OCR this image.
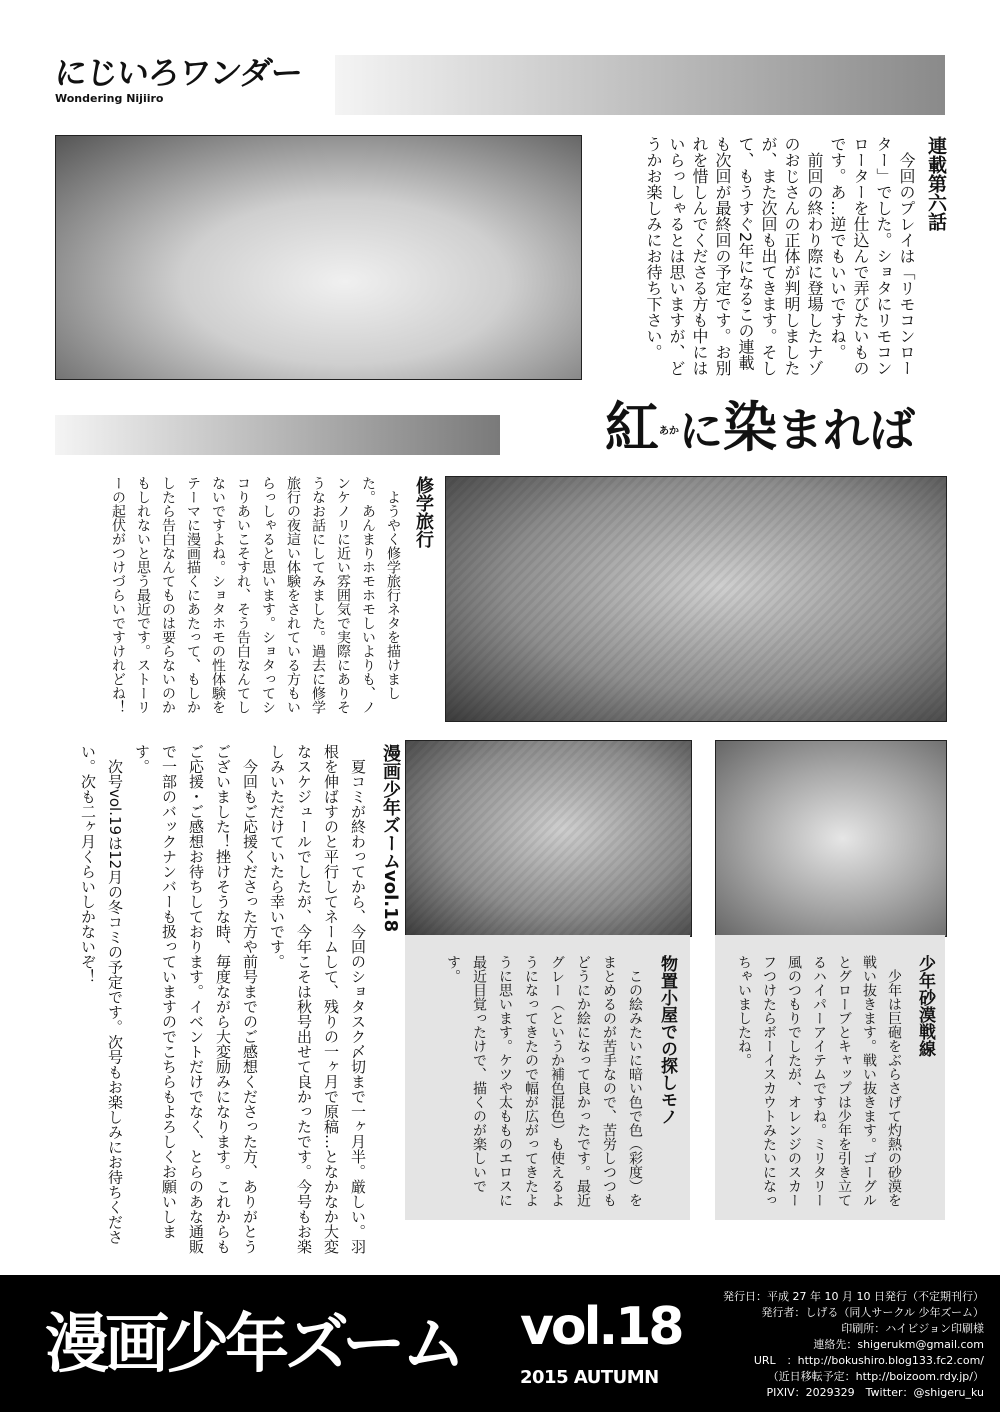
にじいろワンダー
Wondering Nijiiro
連載第六話

今回のプレイは「リモコンローター」でした。ショタにリモコンローターを仕込んで弄びたいものです。あ…逆でもいいですね。

前回の終わり際に登場したナゾのおじさんの正体が判明しましたが、また次回も出てきます。そして、もうすぐ2年になるこの連載も次回が最終回の予定です。お別れを惜しんでくださる方も中にはいらっしゃるとは思いますが、どうかお楽しみにお待ち下さい。

紅あかに染まれば
修学旅行

ようやく修学旅行ネタを描けました。あんまりホモホモしいよりも、ノンケノリに近い雰囲気で実際にありそうなお話にしてみました。過去に修学旅行の夜這い体験をされている方もいらっしゃると思います。ショタってシコりあいこそすれ、そう告白なんてしないですよね。ショタホモの性体験をテーマに漫画描くにあたって、もしかしたら告白なんてものは要らないのかもしれないと思う最近です。ストーリーの起伏がつけづらいですけれどね！

漫画少年ズームvol.18

夏コミが終わってから、今回のショタスク〆切まで一ヶ月半。厳しい。羽根を伸ばすのと平行してネームして、残りの一ヶ月で原稿…となかなか大変なスケジュールでしたが、今年こそは秋号出せて良かったです。今号もお楽しみいただけていたら幸いです。

今回もご応援くださった方や前号までのご感想くださった方、ありがとうございました！挫けそうな時、毎度ながら大変励みになります。これからもご応援・ご感想お待ちしております。イベントだけでなく、とらのあな通販で一部のバックナンバーも扱っていますのでこちらもよろしくお願いします。

次号vol.19は12月の冬コミの予定です。次号もお楽しみにお待ちください。次も二ヶ月くらいしかないぞ！

物置小屋での探しモノ

この絵みたいに暗い色で色（彩度）をまとめるのが苦手なので、苦労しつつもどうにか絵になって良かったです。最近グレー（というか補色混色）も使えるようになってきたので幅が広がってきたように思います。ケツや太もものエロスに最近目覚ったけで、描くのが楽しいです。	少年砂漠戦線

少年は巨砲をぶらさげて灼熱の砂漠を戦い抜きます。戦い抜きます。ゴーグルとグローブとキャップは少年を引き立てるハイパーアイテムですね。ミリタリー風のつもりでしたが、オレンジのスカーフつけたらボーイスカウトみたいになっちゃいましたね。

漫画少年ズーム vol.18
2015 AUTUMN
発行日：平成 27 年 10 月 10 日発行（不定期刊行）
発行者：しげる（同人サークル 少年ズーム）
印刷所：ハイビジョン印刷様
連絡先：shigerukm@gmail.com
URL　：http://bokushiro.blog133.fc2.com/
（近日移転予定：http://boizoom.rdy.jp/）
PIXIV：2029329　Twitter：@shigeru_ku
